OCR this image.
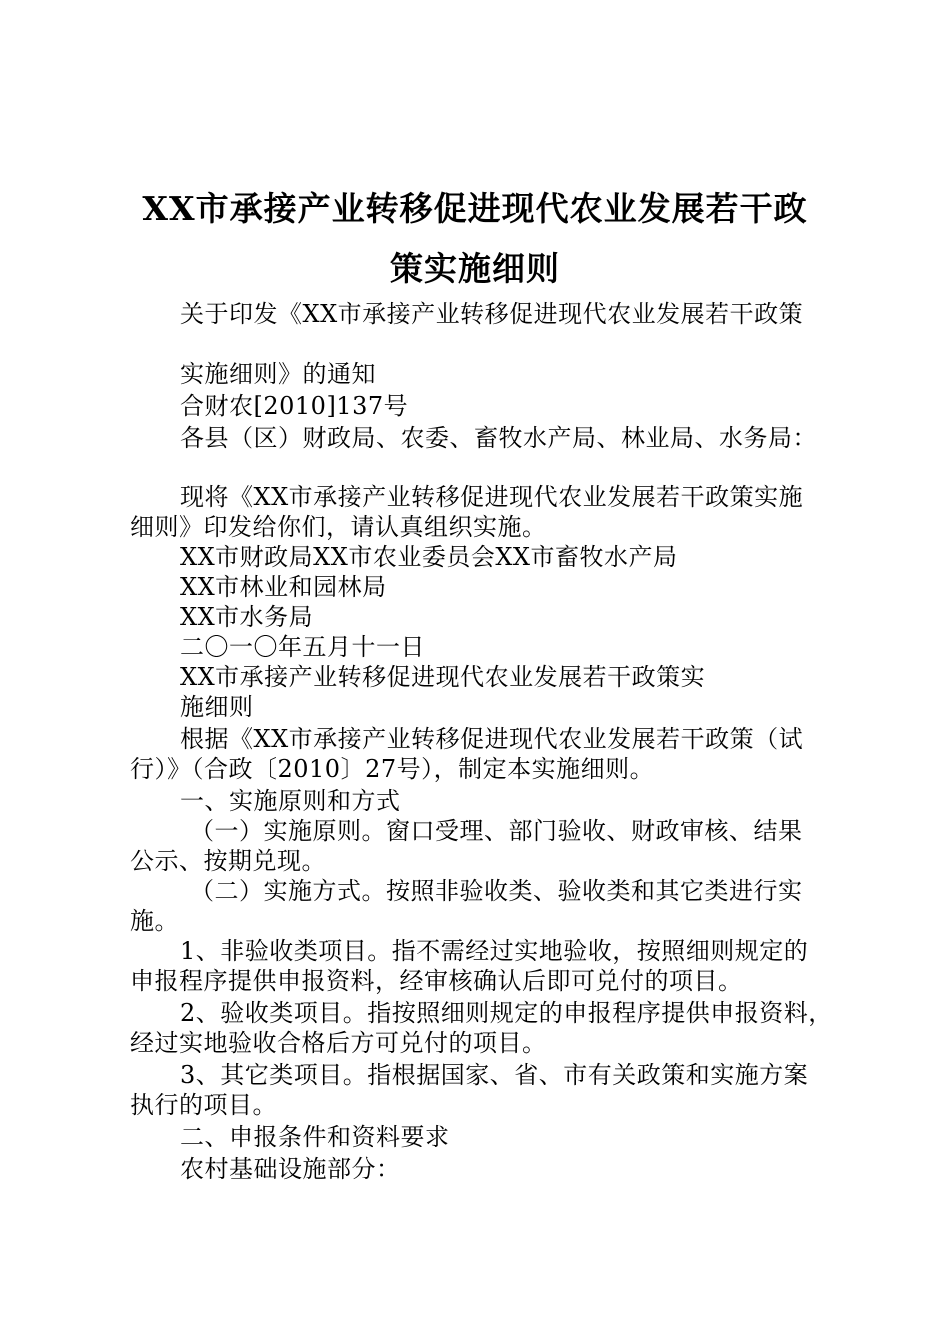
XX市承接产业转移促进现代农业发展若干政
策实施细则
关于印发《XX市承接产业转移促进现代农业发展若干政策
实施细则》的通知
合财农[2010]137号
各县（区）财政局、农委、畜牧水产局、林业局、水务局：
现将《XX市承接产业转移促进现代农业发展若干政策实施
细则》印发给你们，请认真组织实施。
XX市财政局XX市农业委员会XX市畜牧水产局
XX市林业和园林局
XX市水务局
二〇一〇年五月十一日
XX市承接产业转移促进现代农业发展若干政策实
施细则
根据《XX市承接产业转移促进现代农业发展若干政策（试
行）》（合政〔2010〕27号），制定本实施细则。
一、实施原则和方式
（一）实施原则。窗口受理、部门验收、财政审核、结果
公示、按期兑现。
（二）实施方式。按照非验收类、验收类和其它类进行实
施。
1、非验收类项目。指不需经过实地验收，按照细则规定的
申报程序提供申报资料，经审核确认后即可兑付的项目。
2、验收类项目。指按照细则规定的申报程序提供申报资料，
经过实地验收合格后方可兑付的项目。
3、其它类项目。指根据国家、省、市有关政策和实施方案
执行的项目。
二、申报条件和资料要求
农村基础设施部分：
